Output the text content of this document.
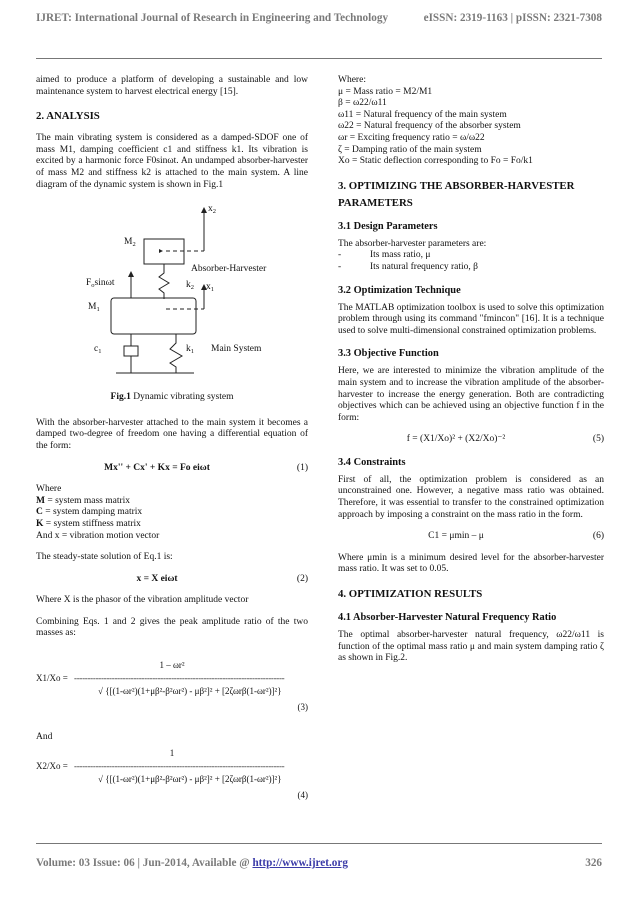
IJRET: International Journal of Research in Engineering and Technology	eISSN: 2319-1163 | pISSN: 2321-7308

aimed to produce a platform of developing a sustainable and low maintenance system to harvest electrical energy [15].

2. ANALYSIS

The main vibrating system is considered as a damped-SDOF one of mass M1, damping coefficient c1 and stiffness k1. Its vibration is excited by a harmonic force F0sinωt. An undamped absorber-harvester of mass M2 and stiffness k2 is attached to the main system. A line diagram of the dynamic system is shown in Fig.1

$x_2$
$M_2$
Absorber-Harvester
$F_o\sin\omega t$	$k_2$ $x_1$
$M_1$
$c_1$	$k_1$ Main System
Fig.1 Dynamic vibrating system

With the absorber-harvester attached to the main system it becomes a damped two-degree of freedom one having a differential equation of the form:

Mx'' + Cx' + Kx = Fo eiωt	(1)

Where

M = system mass matrix

C = system damping matrix

K = system stiffness matrix

And x = vibration motion vector

The steady-state solution of Eq.1 is:

x = X eiωt	(2)

Where X is the phasor of the vibration amplitude vector

Combining Eqs. 1 and 2 gives the peak amplitude ratio of the two masses as:

1 – ωr²
X1/Xo = ------------------------------------------------------------------------------
√ {[(1-ωr²)(1+μβ²-β²ωr²) - μβ²]² + [2ζωrβ(1-ωr²)]²}
(3)

And

1
X2/Xo = ------------------------------------------------------------------------------
√ {[(1-ωr²)(1+μβ²-β²ωr²) - μβ²]² + [2ζωrβ(1-ωr²)]²}
(4)

Where:

μ = Mass ratio = M2/M1

β = ω22/ω11

ω11 = Natural frequency of the main system

ω22 = Natural frequency of the absorber system

ωr = Exciting frequency ratio = ω/ω22

ζ = Damping ratio of the main system

Xo = Static deflection corresponding to Fo = Fo/k1

3. OPTIMIZING THE ABSORBER-HARVESTER PARAMETERS
3.1 Design Parameters

The absorber-harvester parameters are:

-	Its mass ratio, μ
-	Its natural frequency ratio, β
3.2 Optimization Technique

The MATLAB optimization toolbox is used to solve this optimization problem through using its command "fmincon" [16]. It is a technique used to solve multi-dimensional constrained optimization problems.

3.3 Objective Function

Here, we are interested to minimize the vibration amplitude of the main system and to increase the vibration amplitude of the absorber-harvester to increase the energy generation. Both are contradicting objectives which can be achieved using an objective function f in the form:

f = (X1/Xo)² + (X2/Xo)⁻²	(5)
3.4 Constraints

First of all, the optimization problem is considered as an unconstrained one. However, a negative mass ratio was obtained. Therefore, it was essential to transfer to the constrained optimization approach by imposing a constraint on the mass ratio in the form.

C1 = μmin – μ	(6)

Where μmin is a minimum desired level for the absorber-harvester mass ratio. It was set to 0.05.

4. OPTIMIZATION RESULTS
4.1 Absorber-Harvester Natural Frequency Ratio

The optimal absorber-harvester natural frequency, ω22/ω11 is function of the optimal mass ratio μ and main system damping ratio ζ as shown in Fig.2.

Volume: 03 Issue: 06 | Jun-2014, Available @ http://www.ijret.org	326
